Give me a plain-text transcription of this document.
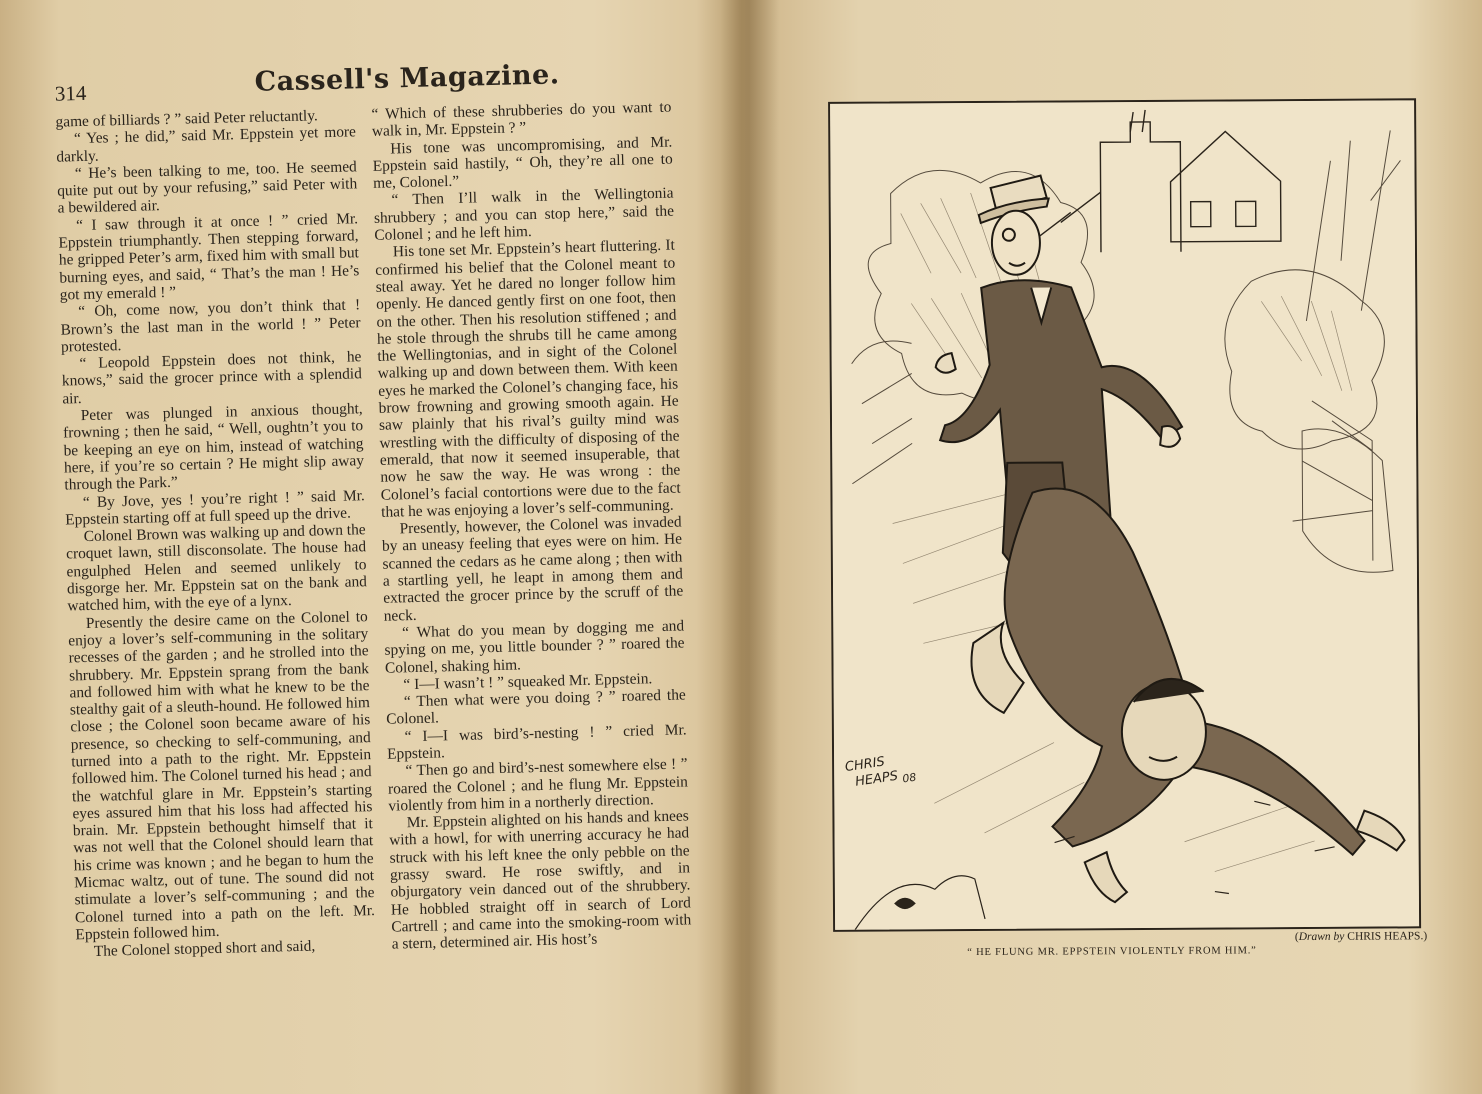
314	Cassell's Magazine.

game of billiards ? ” said Peter reluctantly.

“ Yes ; he did,” said Mr. Eppstein yet more darkly.

“ He’s been talking to me, too. He seemed quite put out by your refusing,” said Peter with a bewildered air.

“ I saw through it at once ! ” cried Mr. Eppstein triumphantly. Then stepping forward, he gripped Peter’s arm, fixed him with small but burning eyes, and said, “ That’s the man ! He’s got my emerald ! ”

“ Oh, come now, you don’t think that ! Brown’s the last man in the world ! ” Peter protested.

“ Leopold Eppstein does not think, he knows,” said the grocer prince with a splendid air.

Peter was plunged in anxious thought, frowning ; then he said, “ Well, oughtn’t you to be keeping an eye on him, instead of watching here, if you’re so certain ? He might slip away through the Park.”

“ By Jove, yes ! you’re right ! ” said Mr. Eppstein starting off at full speed up the drive.

Colonel Brown was walking up and down the croquet lawn, still disconsolate. The house had engulphed Helen and seemed unlikely to disgorge her. Mr. Eppstein sat on the bank and watched him, with the eye of a lynx.

Presently the desire came on the Colonel to enjoy a lover’s self-communing in the solitary recesses of the garden ; and he strolled into the shrubbery. Mr. Eppstein sprang from the bank and followed him with what he knew to be the stealthy gait of a sleuth-hound. He followed him close ; the Colonel soon became aware of his presence, so checking to self-communing, and turned into a path to the right. Mr. Eppstein followed him. The Colonel turned his head ; and the watchful glare in Mr. Eppstein’s starting eyes assured him that his loss had affected his brain. Mr. Eppstein bethought himself that it was not well that the Colonel should learn that his crime was known ; and he began to hum the Micmac waltz, out of tune. The sound did not stimulate a lover’s self-communing ; and the Colonel turned into a path on the left. Mr. Eppstein followed him.

The Colonel stopped short and said,

“ Which of these shrubberies do you want to walk in, Mr. Eppstein ? ”

His tone was uncompromising, and Mr. Eppstein said hastily, “ Oh, they’re all one to me, Colonel.”

“ Then I’ll walk in the Wellingtonia shrubbery ; and you can stop here,” said the Colonel ; and he left him.

His tone set Mr. Eppstein’s heart fluttering. It confirmed his belief that the Colonel meant to steal away. Yet he dared no longer follow him openly. He danced gently first on one foot, then on the other. Then his resolution stiffened ; and he stole through the shrubs till he came among the Wellingtonias, and in sight of the Colonel walking up and down between them. With keen eyes he marked the Colonel’s changing face, his brow frowning and growing smooth again. He saw plainly that his rival’s guilty mind was wrestling with the difficulty of disposing of the emerald, that now it seemed insuperable, that now he saw the way. He was wrong : the Colonel’s facial contortions were due to the fact that he was enjoying a lover’s self-communing.

Presently, however, the Colonel was invaded by an uneasy feeling that eyes were on him. He scanned the cedars as he came along ; then with a startling yell, he leapt in among them and extracted the grocer prince by the scruff of the neck.

“ What do you mean by dogging me and spying on me, you little bounder ? ” roared the Colonel, shaking him.

“ I—I wasn’t ! ” squeaked Mr. Eppstein.

“ Then what were you doing ? ” roared the Colonel.

“ I—I was bird’s-nesting ! ” cried Mr. Eppstein.

“ Then go and bird’s-nest somewhere else ! ” roared the Colonel ; and he flung Mr. Eppstein violently from him in a northerly direction.

Mr. Eppstein alighted on his hands and knees with a howl, for with unerring accuracy he had struck with his left knee the only pebble on the grassy sward. He rose swiftly, and in objurgatory vein danced out of the shrubbery. He hobbled straight off in search of Lord Cartrell ; and came into the smoking-room with a stern, determined air. His host’s

CHRIS
HEAPS $_{08}$
(Drawn by CHRIS HEAPS.)
“ HE FLUNG MR. EPPSTEIN VIOLENTLY FROM HIM.”
